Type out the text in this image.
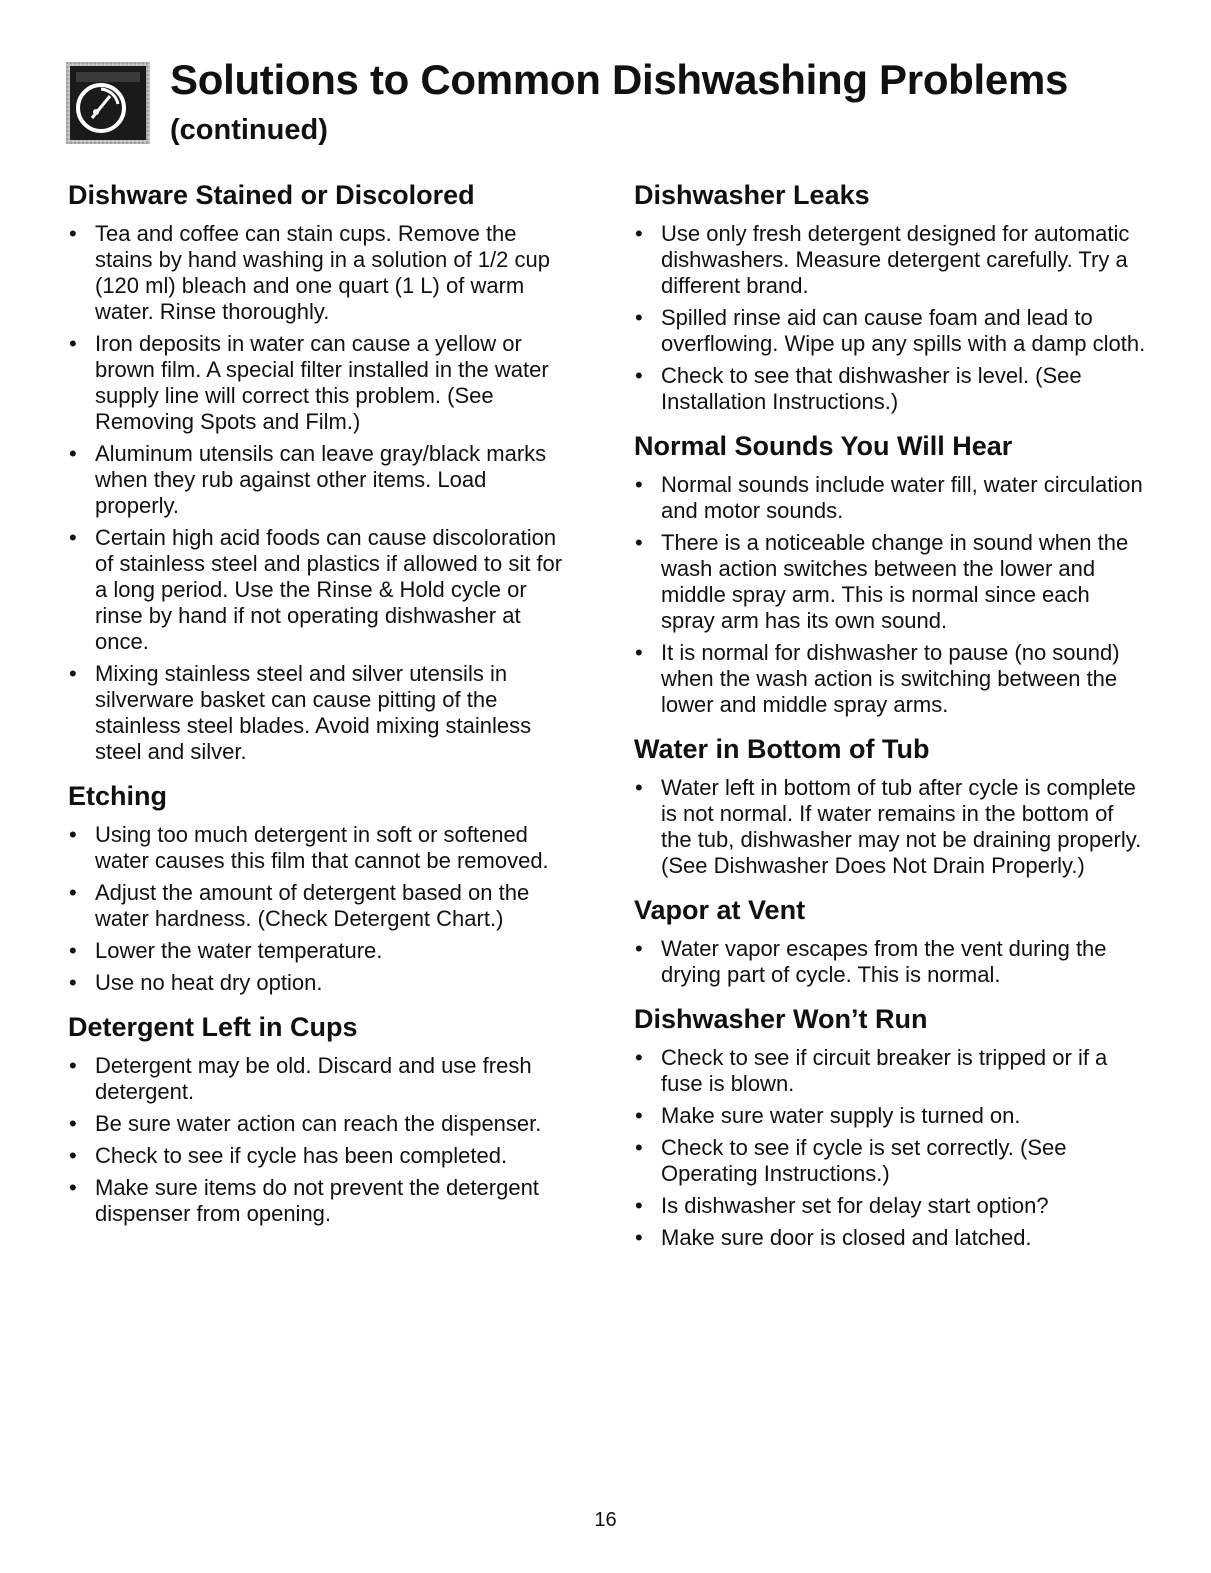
Solutions to Common Dishwashing Problems
(continued)
Dishware Stained or Discolored
• Tea and coffee can stain cups. Remove the stains by hand washing in a solution of 1/2 cup (120 ml) bleach and one quart (1 L) of warm water. Rinse thoroughly.
• Iron deposits in water can cause a yellow or brown film. A special filter installed in the water supply line will correct this problem. (See Removing Spots and Film.)
• Aluminum utensils can leave gray/black marks when they rub against other items. Load properly.
• Certain high acid foods can cause discoloration of stainless steel and plastics if allowed to sit for a long period. Use the Rinse & Hold cycle or rinse by hand if not operating dishwasher at once.
• Mixing stainless steel and silver utensils in silverware basket can cause pitting of the stainless steel blades. Avoid mixing stainless steel and silver.
Etching
• Using too much detergent in soft or softened water causes this film that cannot be removed.
• Adjust the amount of detergent based on the water hardness. (Check Detergent Chart.)
• Lower the water temperature.
• Use no heat dry option.
Detergent Left in Cups
• Detergent may be old. Discard and use fresh detergent.
• Be sure water action can reach the dispenser.
• Check to see if cycle has been completed.
• Make sure items do not prevent the detergent dispenser from opening.
Dishwasher Leaks
• Use only fresh detergent designed for automatic dishwashers. Measure detergent carefully. Try a different brand.
• Spilled rinse aid can cause foam and lead to overflowing. Wipe up any spills with a damp cloth.
• Check to see that dishwasher is level. (See Installation Instructions.)
Normal Sounds You Will Hear
• Normal sounds include water fill, water circulation and motor sounds.
• There is a noticeable change in sound when the wash action switches between the lower and middle spray arm. This is normal since each spray arm has its own sound.
• It is normal for dishwasher to pause (no sound) when the wash action is switching between the lower and middle spray arms.
Water in Bottom of Tub
• Water left in bottom of tub after cycle is complete is not normal. If water remains in the bottom of the tub, dishwasher may not be draining properly. (See Dishwasher Does Not Drain Properly.)
Vapor at Vent
• Water vapor escapes from the vent during the drying part of cycle. This is normal.
Dishwasher Won’t Run
• Check to see if circuit breaker is tripped or if a fuse is blown.
• Make sure water supply is turned on.
• Check to see if cycle is set correctly. (See Operating Instructions.)
• Is dishwasher set for delay start option?
• Make sure door is closed and latched.
16
